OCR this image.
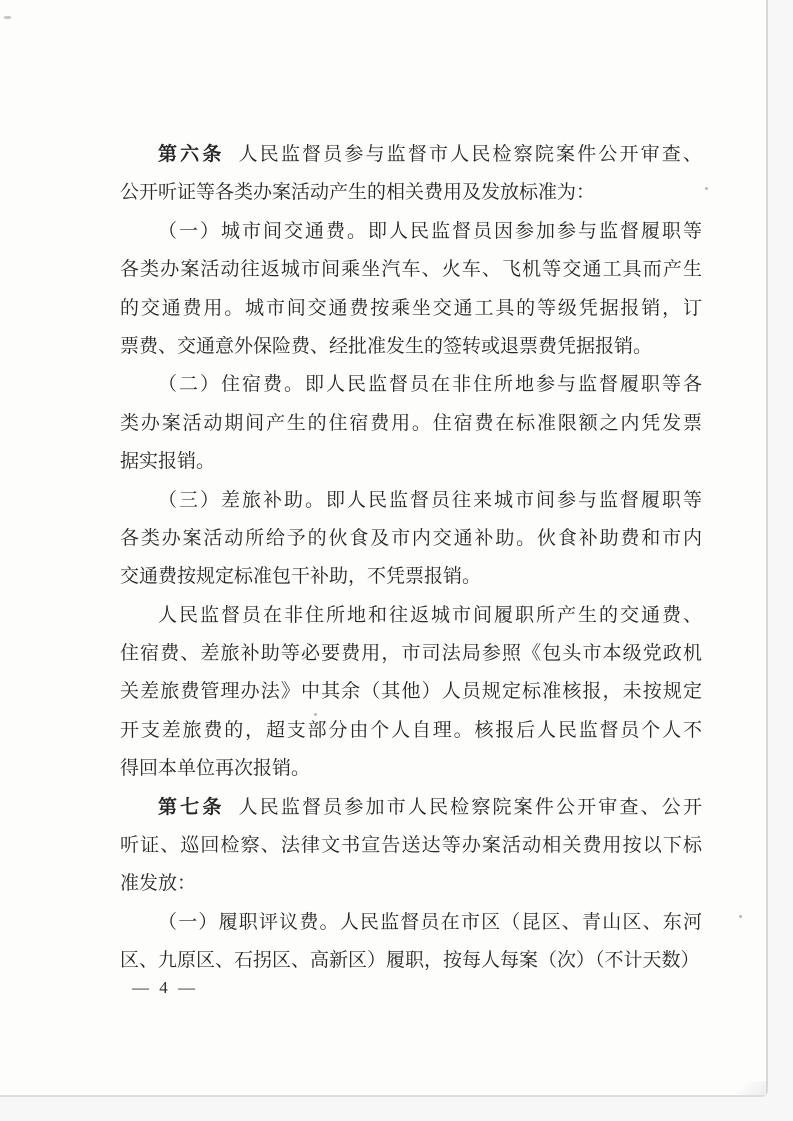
第六条 人民监督员参与监督市人民检察院案件公开审查、
公开听证等各类办案活动产生的相关费用及发放标准为：
（一）城市间交通费。即人民监督员因参加参与监督履职等
各类办案活动往返城市间乘坐汽车、火车、飞机等交通工具而产生
的交通费用。城市间交通费按乘坐交通工具的等级凭据报销，订
票费、交通意外保险费、经批准发生的签转或退票费凭据报销。
（二）住宿费。即人民监督员在非住所地参与监督履职等各
类办案活动期间产生的住宿费用。住宿费在标准限额之内凭发票
据实报销。
（三）差旅补助。即人民监督员往来城市间参与监督履职等
各类办案活动所给予的伙食及市内交通补助。伙食补助费和市内
交通费按规定标准包干补助，不凭票报销。
人民监督员在非住所地和往返城市间履职所产生的交通费、
住宿费、差旅补助等必要费用，市司法局参照《包头市本级党政机
关差旅费管理办法》中其余（其他）人员规定标准核报，未按规定
开支差旅费的，超支部分由个人自理。核报后人民监督员个人不
得回本单位再次报销。
第七条 人民监督员参加市人民检察院案件公开审查、公开
听证、巡回检察、法律文书宣告送达等办案活动相关费用按以下标
准发放：
（一）履职评议费。人民监督员在市区（昆区、青山区、东河
区、九原区、石拐区、高新区）履职，按每人每案（次）（不计天数）
— 4 —
